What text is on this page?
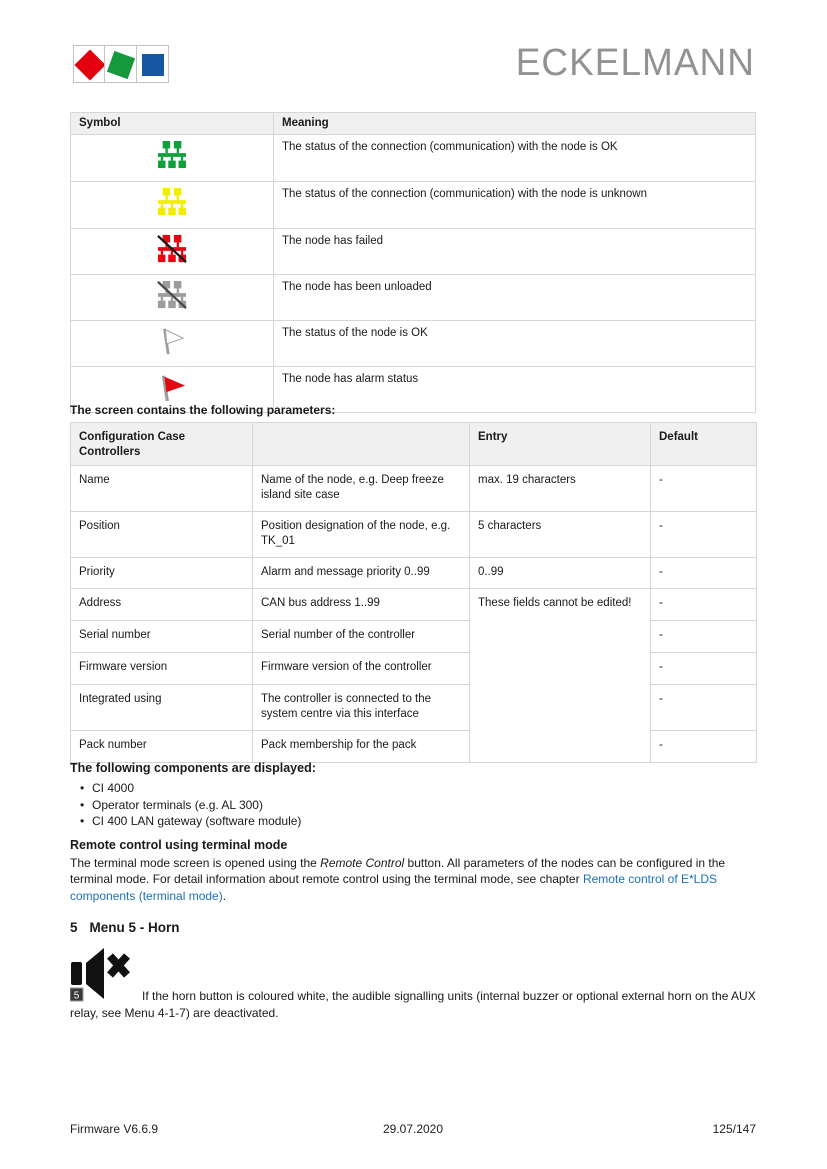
ECKELMANN
Symbol	Meaning
	The status of the connection (communication) with the node is OK
	The status of the connection (communication) with the node is unknown
	The node has failed
	The node has been unloaded
	The status of the node is OK
	The node has alarm status
The screen contains the following parameters:
Configuration Case Controllers		Entry	Default
Name	Name of the node, e.g. Deep freeze island site case	max. 19 characters	-
Position	Position designation of the node, e.g. TK_01	5 characters	-
Priority	Alarm and message priority 0..99	0..99	-
Address	CAN bus address 1..99	These fields cannot be edited!	-
Serial number	Serial number of the controller		-
Firmware version	Firmware version of the controller		-
Integrated using	The controller is connected to the system centre via this interface		-
Pack number	Pack membership for the pack		-
The following components are displayed:
• CI 4000
• Operator terminals (e.g. AL 300)
• CI 400 LAN gateway (software module)
Remote control using terminal mode

The terminal mode screen is opened using the Remote Control button. All parameters of the nodes can be configured in the terminal mode. For detail information about remote control using the terminal mode, see chapter Remote control of E*LDS components (terminal mode).

5 Menu 5 - Horn
5	If the horn button is coloured white, the audible signalling units (internal buzzer or optional external horn on the AUX relay, see Menu 4-1-7) are deactivated.

Firmware V6.6.9	29.07.2020	125/147
